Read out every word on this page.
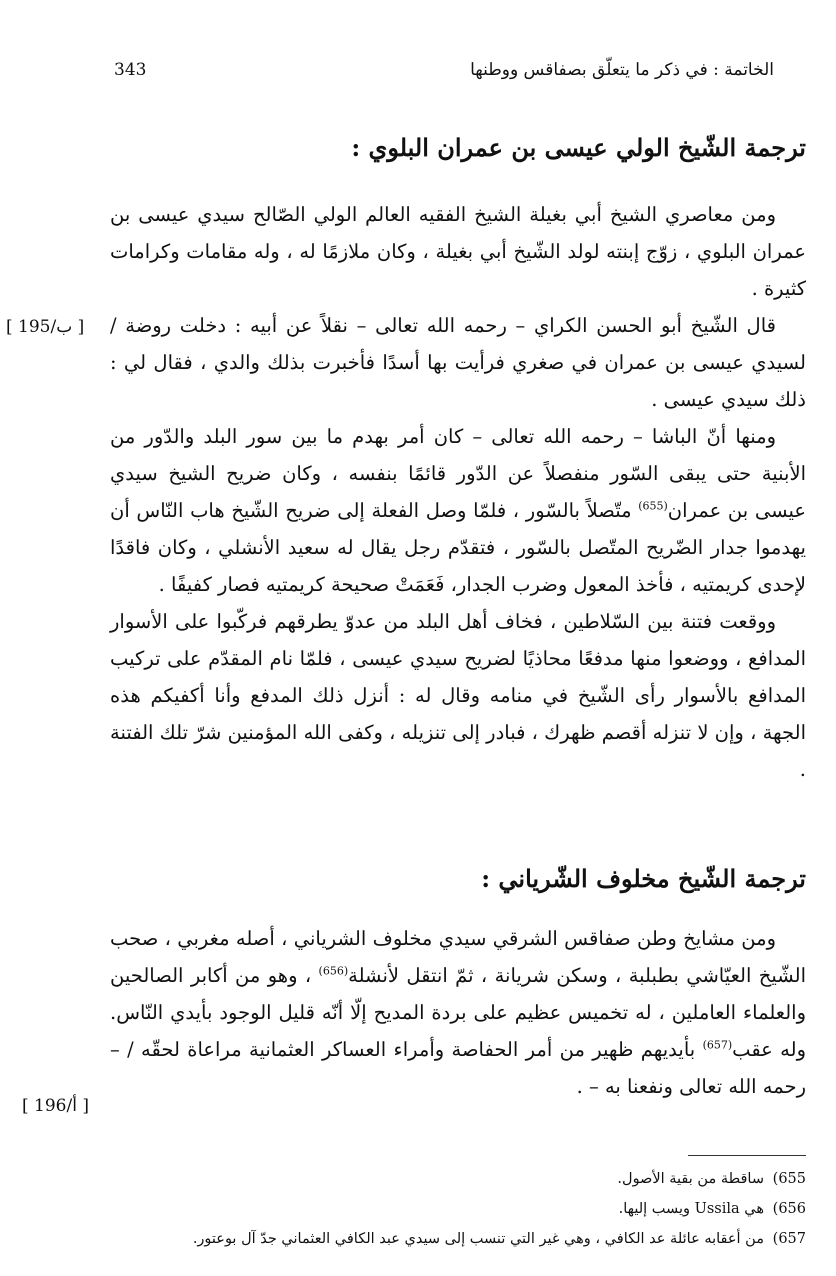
الخاتمة : في ذكر ما يتعلّق بصفاقس ووطنها
343
ترجمة الشّيخ الولي عيسى بن عمران البلوي :

ومن معاصري الشيخ أبي بغيلة الشيخ الفقيه العالم الولي الصّالح سيدي عيسى بن عمران البلوي ، زوّج إبنته لولد الشّيخ أبي بغيلة ، وكان ملازمًا له ، وله مقامات وكرامات كثيرة .

قال الشّيخ أبو الحسن الكراي – رحمه الله تعالى – نقلاً عن أبيه : دخلت روضة / لسيدي عيسى بن عمران في صغري فرأيت بها أسدًا فأخبرت بذلك والدي ، فقال لي : ذلك سيدي عيسى .

ومنها أنّ الباشا – رحمه الله تعالى – كان أمر بهدم ما بين سور البلد والدّور من الأبنية حتى يبقى السّور منفصلاً عن الدّور قائمًا بنفسه ، وكان ضريح الشيخ سيدي عيسى بن عمران$^{(655)}$ متّصلاً بالسّور ، فلمّا وصل الفعلة إلى ضريح الشّيخ هاب النّاس أن يهدموا جدار الضّريح المتّصل بالسّور ، فتقدّم رجل يقال له سعيد الأنشلي ، وكان فاقدًا لإحدى كريمتيه ، فأخذ المعول وضرب الجدار، فَعَمَتْ صحيحة كريمتيه فصار كفيفًا .

ووقعت فتنة بين السّلاطين ، فخاف أهل البلد من عدوّ يطرقهم فركّبوا على الأسوار المدافع ، ووضعوا منها مدفعًا محاذيًا لضريح سيدي عيسى ، فلمّا نام المقدّم على تركيب المدافع بالأسوار رأى الشّيخ في منامه وقال له : أنزل ذلك المدفع وأنا أكفيكم هذه الجهة ، وإن لا تنزله أقصم ظهرك ، فبادر إلى تنزيله ، وكفى الله المؤمنين شرّ تلك الفتنة .

ترجمة الشّيخ مخلوف الشّرياني :

ومن مشايخ وطن صفاقس الشرقي سيدي مخلوف الشرياني ، أصله مغربي ، صحب الشّيخ العيّاشي بطبلبة ، وسكن شريانة ، ثمّ انتقل لأنشلة$^{(656)}$ ، وهو من أكابر الصالحين والعلماء العاملين ، له تخميس عظيم على بردة المديح إلّا أنّه قليل الوجود بأيدي النّاس. وله عقب$^{(657)}$ بأيديهم ظهير من أمر الحفاصة وأمراء العساكر العثمانية مراعاة لحقّه / – رحمه الله تعالى ونفعنا به – .

[ 195/ب ]
[ 196/أ ]
655)ساقطة من بقية الأصول.
656)هي Ussila ويسب إليها.
657)من أعقابه عائلة عد الكافي ، وهي غير التي تنسب إلى سيدي عبد الكافي العثماني جدّ آل بوعتور.
